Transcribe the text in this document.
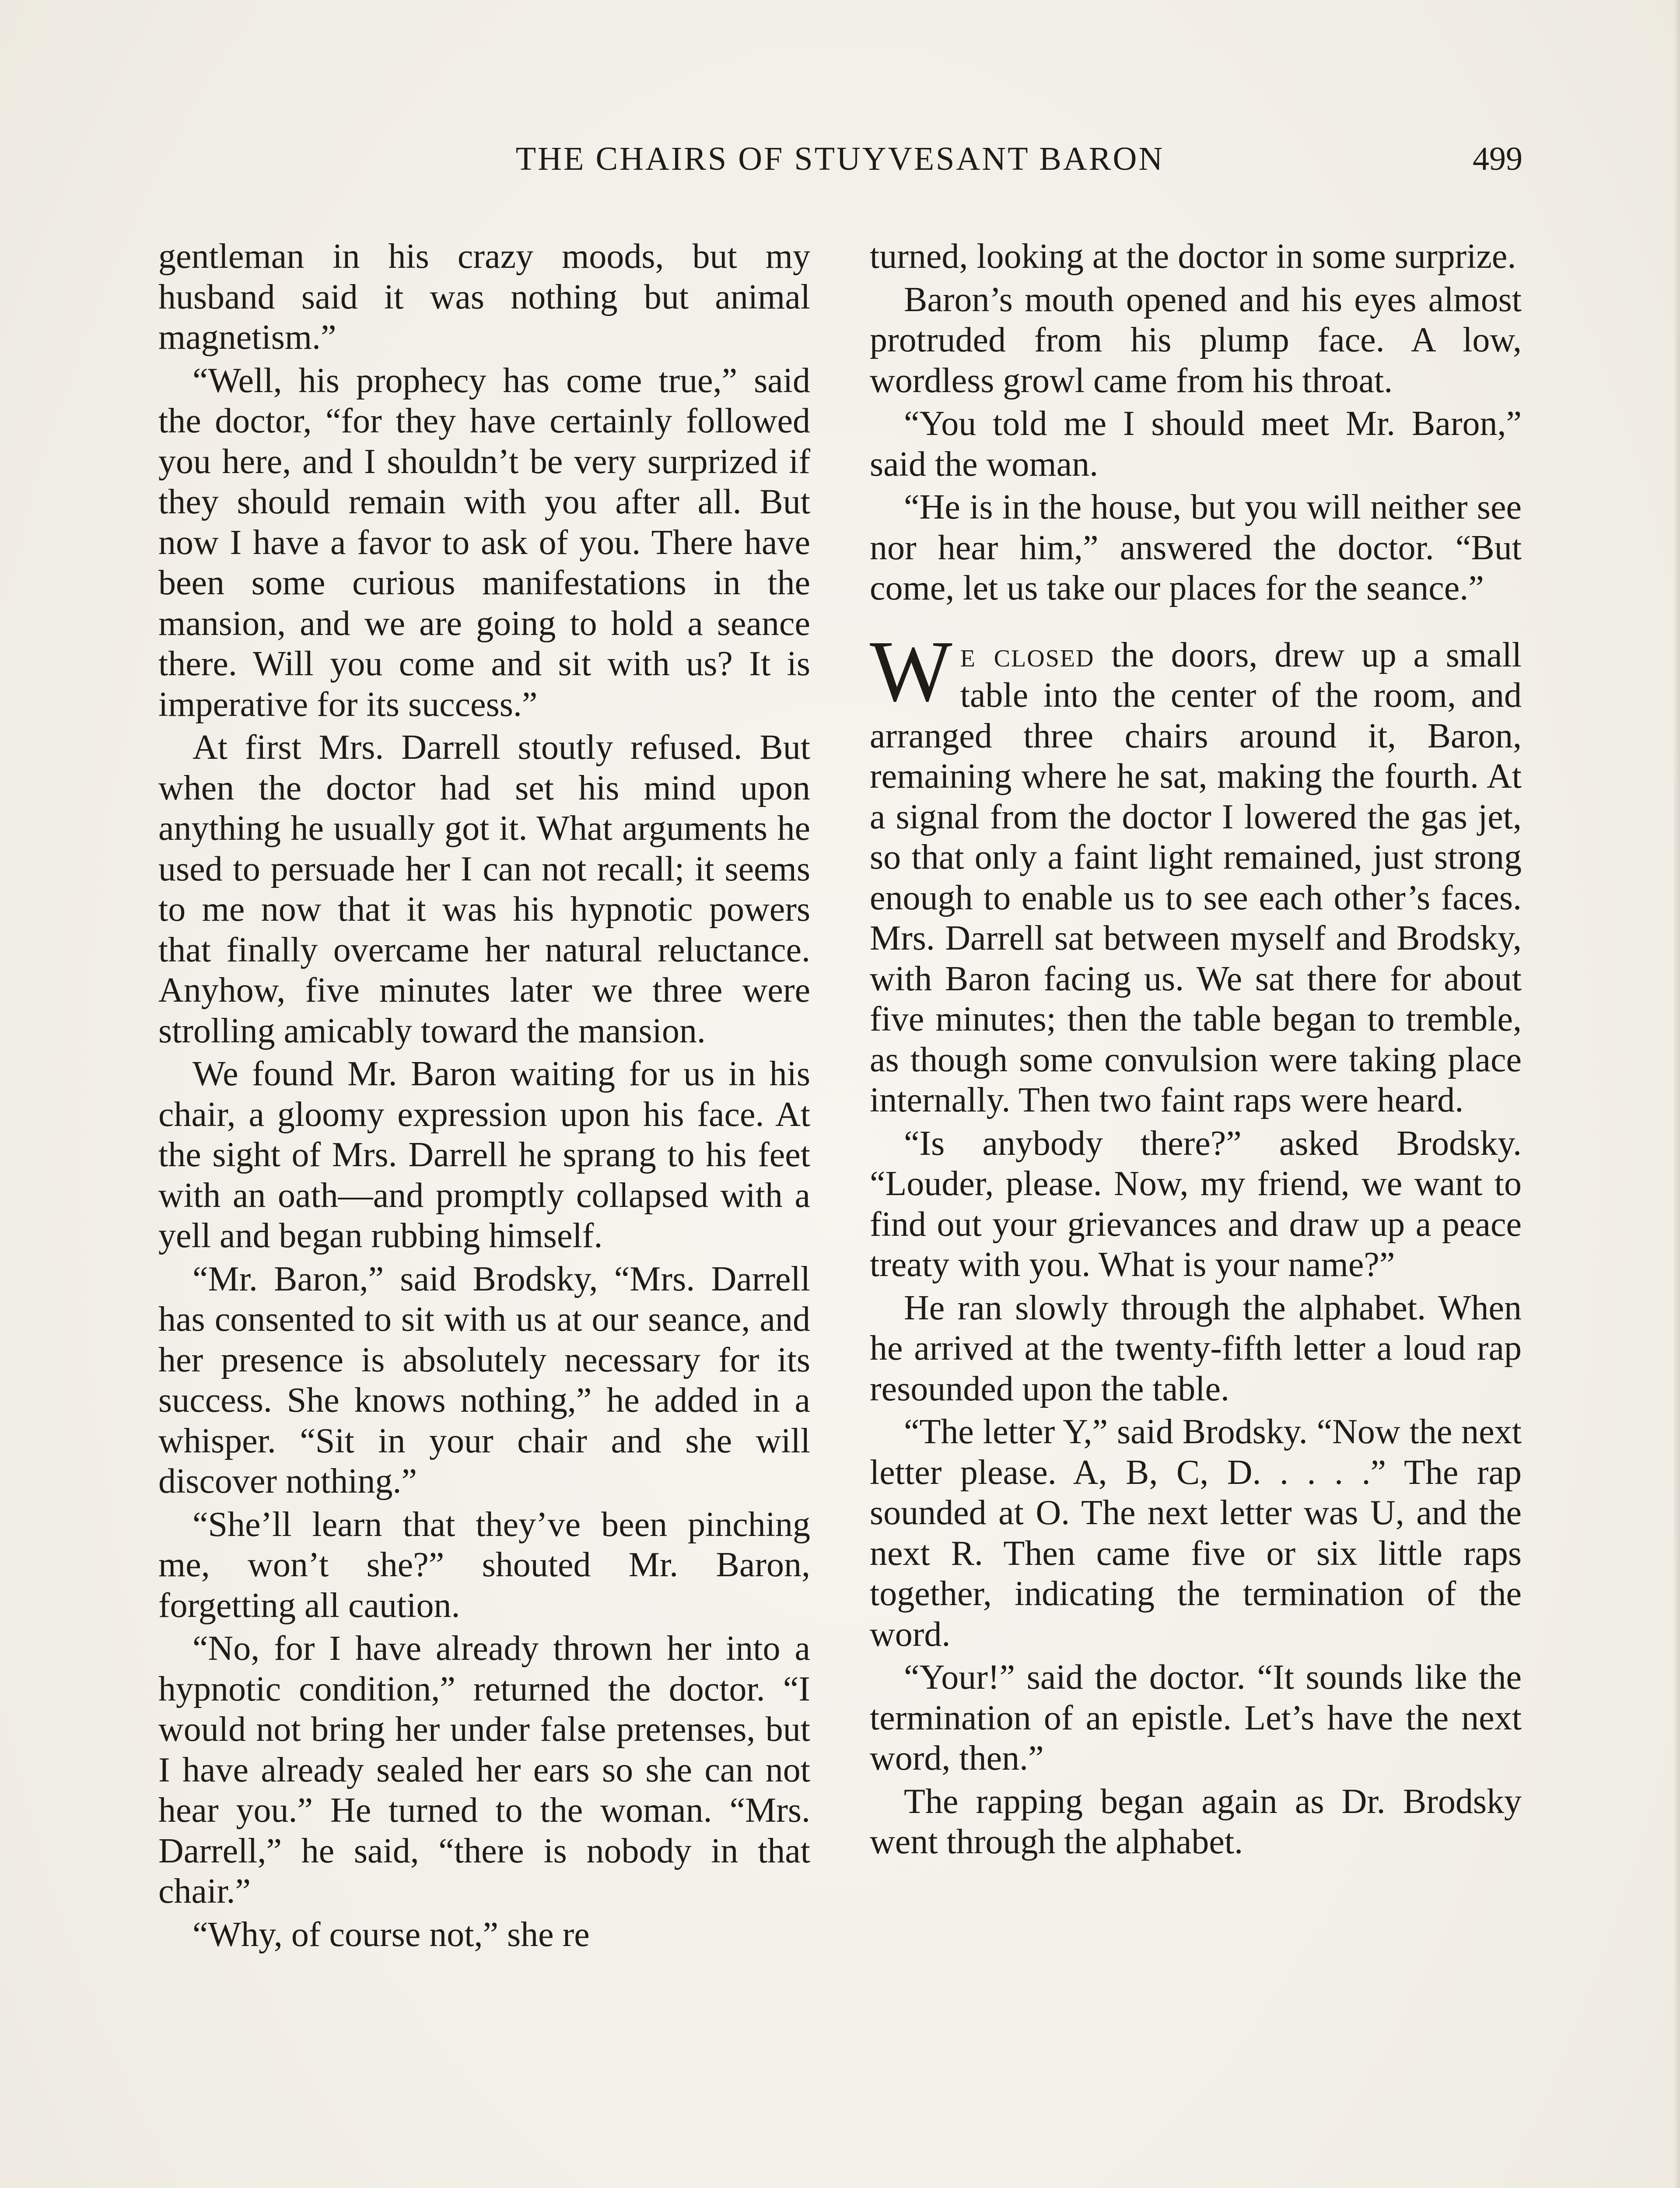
THE CHAIRS OF STUYVESANT BARON	499

gentleman in his crazy moods, but my husband said it was nothing but animal magnetism.”

“Well, his prophecy has come true,” said the doctor, “for they have certainly followed you here, and I shouldn’t be very surprized if they should remain with you after all. But now I have a favor to ask of you. There have been some curious manifestations in the mansion, and we are going to hold a seance there. Will you come and sit with us? It is imperative for its success.”

At first Mrs. Darrell stoutly refused. But when the doctor had set his mind upon anything he usually got it. What arguments he used to persuade her I can not recall; it seems to me now that it was his hypnotic powers that finally overcame her natural reluctance. Anyhow, five minutes later we three were strolling amicably toward the mansion.

We found Mr. Baron waiting for us in his chair, a gloomy expression upon his face. At the sight of Mrs. Darrell he sprang to his feet with an oath—and promptly collapsed with a yell and began rubbing himself.

“Mr. Baron,” said Brodsky, “Mrs. Darrell has consented to sit with us at our seance, and her presence is absolutely necessary for its success. She knows nothing,” he added in a whisper. “Sit in your chair and she will discover nothing.”

“She’ll learn that they’ve been pinching me, won’t she?” shouted Mr. Baron, forgetting all caution.

“No, for I have already thrown her into a hypnotic condition,” returned the doctor. “I would not bring her under false pretenses, but I have already sealed her ears so she can not hear you.” He turned to the woman. “Mrs. Darrell,” he said, “there is nobody in that chair.”

“Why, of course not,” she re

turned, looking at the doctor in some surprize.

Baron’s mouth opened and his eyes almost protruded from his plump face. A low, wordless growl came from his throat.

“You told me I should meet Mr. Baron,” said the woman.

“He is in the house, but you will neither see nor hear him,” answered the doctor. “But come, let us take our places for the seance.”

We closed the doors, drew up a small table into the center of the room, and arranged three chairs around it, Baron, remaining where he sat, making the fourth. At a signal from the doctor I lowered the gas jet, so that only a faint light remained, just strong enough to enable us to see each other’s faces. Mrs. Darrell sat between myself and Brodsky, with Baron facing us. We sat there for about five minutes; then the table began to tremble, as though some convulsion were taking place internally. Then two faint raps were heard.

“Is anybody there?” asked Brodsky. “Louder, please. Now, my friend, we want to find out your grievances and draw up a peace treaty with you. What is your name?”

He ran slowly through the alphabet. When he arrived at the twenty-fifth letter a loud rap resounded upon the table.

“The letter Y,” said Brodsky. “Now the next letter please. A, B, C, D. . . . .” The rap sounded at O. The next letter was U, and the next R. Then came five or six little raps together, indicating the termination of the word.

“Your!” said the doctor. “It sounds like the termination of an epistle. Let’s have the next word, then.”

The rapping began again as Dr. Brodsky went through the alphabet.
